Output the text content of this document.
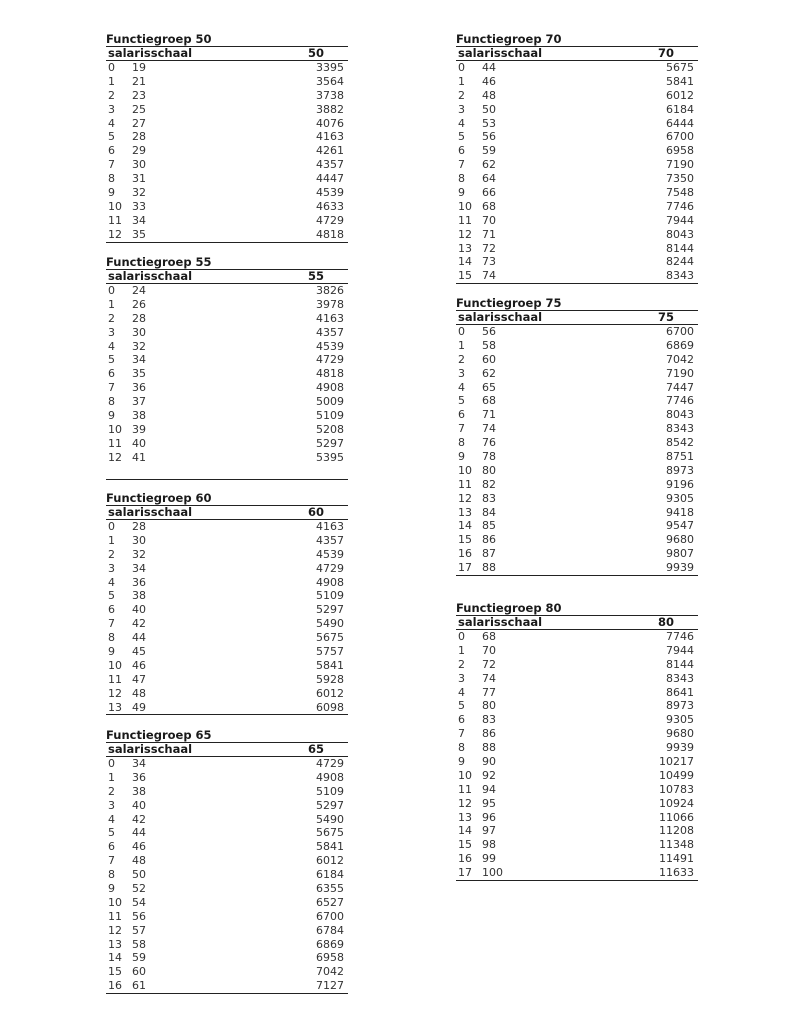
Functiegroep 50
salarisschaal	50
0	19	3395
1	21	3564
2	23	3738
3	25	3882
4	27	4076
5	28	4163
6	29	4261
7	30	4357
8	31	4447
9	32	4539
10 33	4633
11 34	4729
12 35	4818
Functiegroep 55
salarisschaal	55
0	24	3826
1	26	3978
2	28	4163
3	30	4357
4	32	4539
5	34	4729
6	35	4818
7	36	4908
8	37	5009
9	38	5109
10 39	5208
11 40	5297
12 41	5395
Functiegroep 60
salarisschaal	60
0	28	4163
1	30	4357
2	32	4539
3	34	4729
4	36	4908
5	38	5109
6	40	5297
7	42	5490
8	44	5675
9	45	5757
10 46	5841
11 47	5928
12 48	6012
13 49	6098
Functiegroep 65
salarisschaal	65
0	34	4729
1	36	4908
2	38	5109
3	40	5297
4	42	5490
5	44	5675
6	46	5841
7	48	6012
8	50	6184
9	52	6355
10 54	6527
11 56	6700
12 57	6784
13 58	6869
14 59	6958
15 60	7042
16 61	7127
Functiegroep 70
salarisschaal	70
0	44	5675
1	46	5841
2	48	6012
3	50	6184
4	53	6444
5	56	6700
6	59	6958
7	62	7190
8	64	7350
9	66	7548
10 68	7746
11 70	7944
12 71	8043
13 72	8144
14 73	8244
15 74	8343
Functiegroep 75
salarisschaal	75
0	56	6700
1	58	6869
2	60	7042
3	62	7190
4	65	7447
5	68	7746
6	71	8043
7	74	8343
8	76	8542
9	78	8751
10 80	8973
11 82	9196
12 83	9305
13 84	9418
14 85	9547
15 86	9680
16 87	9807
17 88	9939
Functiegroep 80
salarisschaal	80
0	68	7746
1	70	7944
2	72	8144
3	74	8343
4	77	8641
5	80	8973
6	83	9305
7	86	9680
8	88	9939
9	90	10217
10 92	10499
11 94	10783
12 95	10924
13 96	11066
14 97	11208
15 98	11348
16 99	11491
17 100	11633
